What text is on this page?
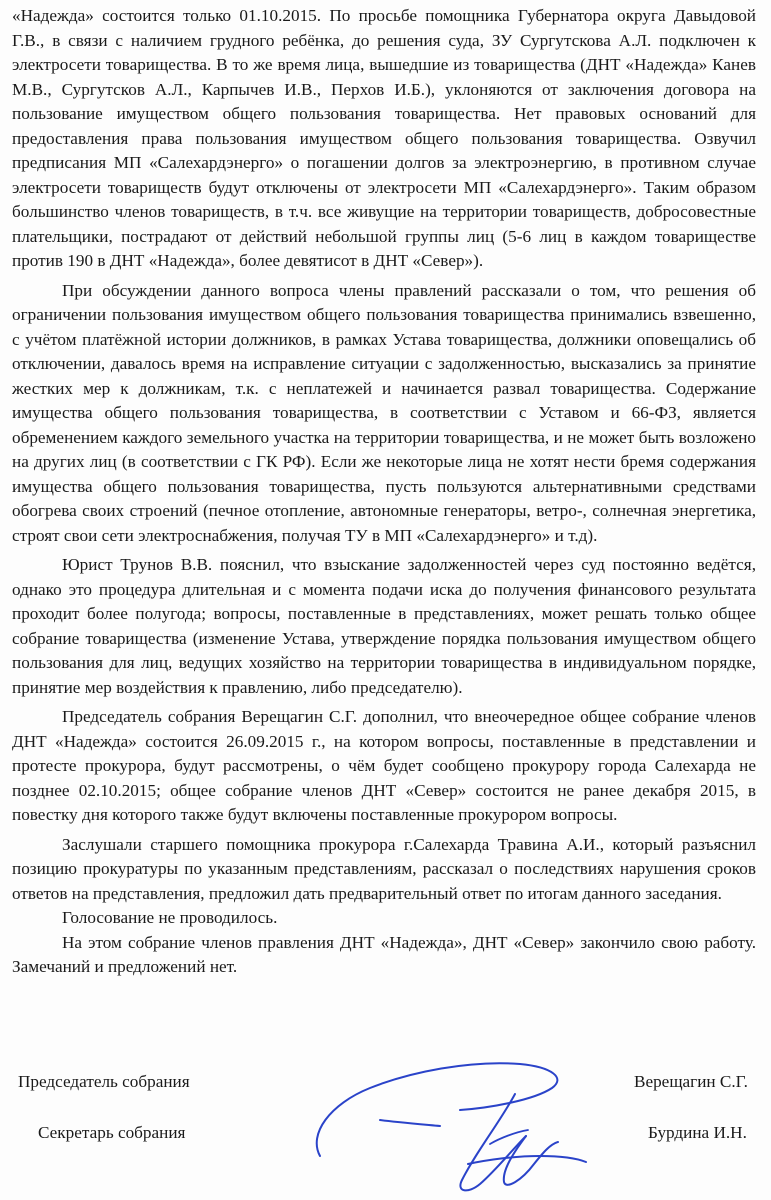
«Надежда» состоится только 01.10.2015. По просьбе помощника Губернатора округа Давыдовой Г.В., в связи с наличием грудного ребёнка, до решения суда, ЗУ Сургутскова А.Л. подключен к электросети товарищества. В то же время лица, вышедшие из товарищества (ДНТ «Надежда» Канев М.В., Сургутсков А.Л., Карпычев И.В., Перхов И.Б.), уклоняются от заключения договора на пользование имуществом общего пользования товарищества. Нет правовых оснований для предоставления права пользования имуществом общего пользования товарищества. Озвучил предписания МП «Салехардэнерго» о погашении долгов за электроэнергию, в противном случае электросети товариществ будут отключены от электросети МП «Салехардэнерго». Таким образом большинство членов товариществ, в т.ч. все живущие на территории товариществ, добросовестные плательщики, пострадают от действий небольшой группы лиц (5-6 лиц в каждом товариществе против 190 в ДНТ «Надежда», более девятисот в ДНТ «Север»).

При обсуждении данного вопроса члены правлений рассказали о том, что решения об ограничении пользования имуществом общего пользования товарищества принимались взвешенно, с учётом платёжной истории должников, в рамках Устава товарищества, должники оповещались об отключении, давалось время на исправление ситуации с задолженностью, высказались за принятие жестких мер к должникам, т.к. с неплатежей и начинается развал товарищества. Содержание имущества общего пользования товарищества, в соответствии с Уставом и 66-ФЗ, является обременением каждого земельного участка на территории товарищества, и не может быть возложено на других лиц (в соответствии с ГК РФ). Если же некоторые лица не хотят нести бремя содержания имущества общего пользования товарищества, пусть пользуются альтернативными средствами обогрева своих строений (печное отопление, автономные генераторы, ветро-, солнечная энергетика, строят свои сети электроснабжения, получая ТУ в МП «Салехардэнерго» и т.д).

Юрист Трунов В.В. пояснил, что взыскание задолженностей через суд постоянно ведётся, однако это процедура длительная и с момента подачи иска до получения финансового результата проходит более полугода; вопросы, поставленные в представлениях, может решать только общее собрание товарищества (изменение Устава, утверждение порядка пользования имуществом общего пользования для лиц, ведущих хозяйство на территории товарищества в индивидуальном порядке, принятие мер воздействия к правлению, либо председателю).

Председатель собрания Верещагин С.Г. дополнил, что внеочередное общее собрание членов ДНТ «Надежда» состоится 26.09.2015 г., на котором вопросы, поставленные в представлении и протесте прокурора, будут рассмотрены, о чём будет сообщено прокурору города Салехарда не позднее 02.10.2015; общее собрание членов ДНТ «Север» состоится не ранее декабря 2015, в повестку дня которого также будут включены поставленные прокурором вопросы.

Заслушали старшего помощника прокурора г.Салехарда Травина А.И., который разъяснил позицию прокуратуры по указанным представлениям, рассказал о последствиях нарушения сроков ответов на представления, предложил дать предварительный ответ по итогам данного заседания.

Голосование не проводилось.

На этом собрание членов правления ДНТ «Надежда», ДНТ «Север» закончило свою работу. Замечаний и предложений нет.

Председатель собрания	Верещагин С.Г.
Секретарь собрания	Бурдина И.Н.
